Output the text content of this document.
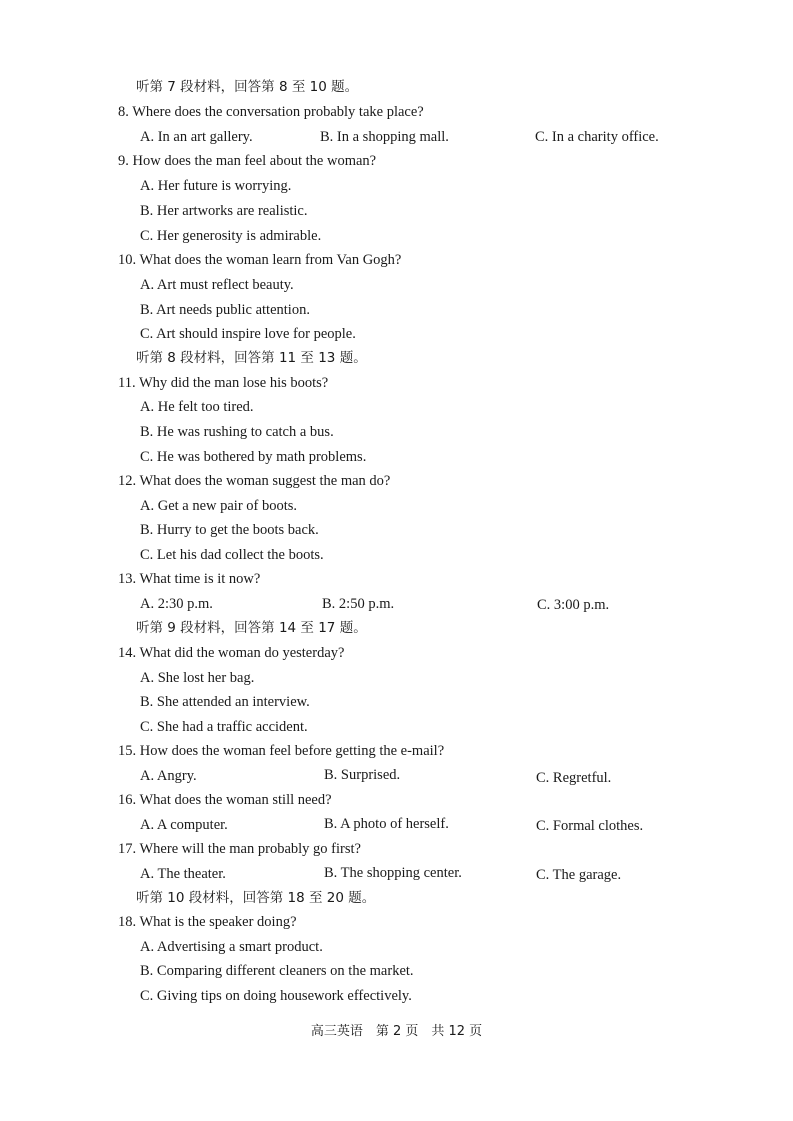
听第 7 段材料，回答第 8 至 10 题。
8. Where does the conversation probably take place?
A. In an art gallery.	B. In a shopping mall.	C. In a charity office.
9. How does the man feel about the woman?
A. Her future is worrying.
B. Her artworks are realistic.
C. Her generosity is admirable.
10. What does the woman learn from Van Gogh?
A. Art must reflect beauty.
B. Art needs public attention.
C. Art should inspire love for people.
听第 8 段材料，回答第 11 至 13 题。
11. Why did the man lose his boots?
A. He felt too tired.
B. He was rushing to catch a bus.
C. He was bothered by math problems.
12. What does the woman suggest the man do?
A. Get a new pair of boots.
B. Hurry to get the boots back.
C. Let his dad collect the boots.
13. What time is it now?
A. 2:30 p.m.	B. 2:50 p.m.	C. 3:00 p.m.
听第 9 段材料，回答第 14 至 17 题。
14. What did the woman do yesterday?
A. She lost her bag.
B. She attended an interview.
C. She had a traffic accident.
15. How does the woman feel before getting the e-mail?
A. Angry.	B. Surprised.	C. Regretful.
16. What does the woman still need?
A. A computer.	B. A photo of herself.	C. Formal clothes.
17. Where will the man probably go first?
A. The theater.	B. The shopping center.	C. The garage.
听第 10 段材料，回答第 18 至 20 题。
18. What is the speaker doing?
A. Advertising a smart product.
B. Comparing different cleaners on the market.
C. Giving tips on doing housework effectively.
高三英语　第 2 页　共 12 页
